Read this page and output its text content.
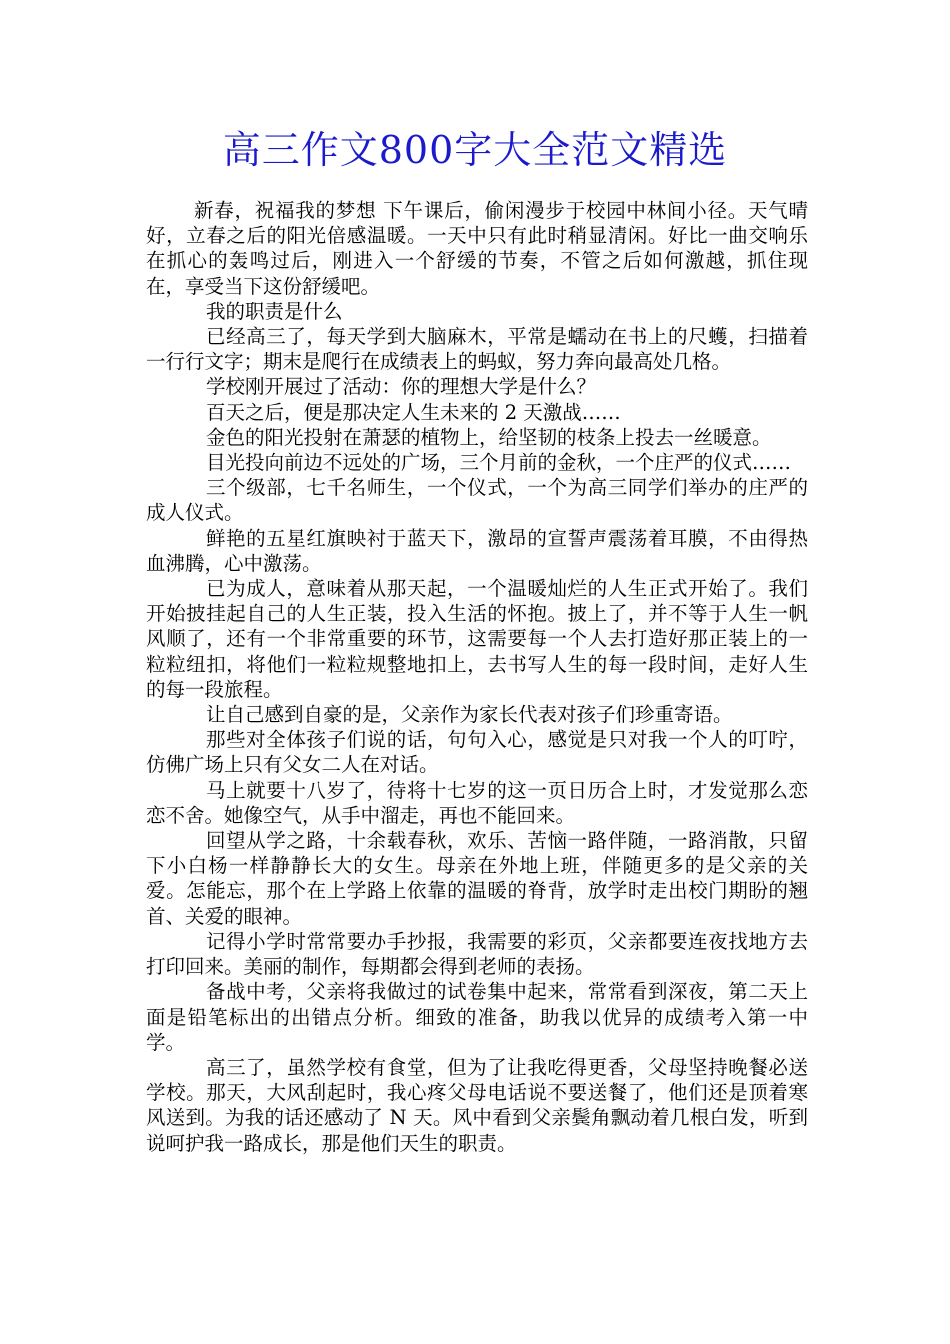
高三作文800字大全范文精选

新春，祝福我的梦想 下午课后，偷闲漫步于校园中林间小径。天气晴好，立春之后的阳光倍感温暖。一天中只有此时稍显清闲。好比一曲交响乐在抓心的轰鸣过后，刚进入一个舒缓的节奏，不管之后如何激越，抓住现在，享受当下这份舒缓吧。

我的职责是什么

已经高三了，每天学到大脑麻木，平常是蠕动在书上的尺蠖，扫描着一行行文字；期末是爬行在成绩表上的蚂蚁，努力奔向最高处几格。

学校刚开展过了活动：你的理想大学是什么？

百天之后，便是那决定人生未来的 2 天激战……

金色的阳光投射在萧瑟的植物上，给坚韧的枝条上投去一丝暖意。

目光投向前边不远处的广场，三个月前的金秋，一个庄严的仪式……

三个级部，七千名师生，一个仪式，一个为高三同学们举办的庄严的成人仪式。

鲜艳的五星红旗映衬于蓝天下，激昂的宣誓声震荡着耳膜，不由得热血沸腾，心中激荡。

已为成人，意味着从那天起，一个温暖灿烂的人生正式开始了。我们开始披挂起自己的人生正装，投入生活的怀抱。披上了，并不等于人生一帆风顺了，还有一个非常重要的环节，这需要每一个人去打造好那正装上的一粒粒纽扣，将他们一粒粒规整地扣上，去书写人生的每一段时间，走好人生的每一段旅程。

让自己感到自豪的是，父亲作为家长代表对孩子们珍重寄语。

那些对全体孩子们说的话，句句入心，感觉是只对我一个人的叮咛，仿佛广场上只有父女二人在对话。

马上就要十八岁了，待将十七岁的这一页日历合上时，才发觉那么恋恋不舍。她像空气，从手中溜走，再也不能回来。

回望从学之路，十余载春秋，欢乐、苦恼一路伴随，一路消散，只留下小白杨一样静静长大的女生。母亲在外地上班，伴随更多的是父亲的关爱。怎能忘，那个在上学路上依靠的温暖的脊背，放学时走出校门期盼的翘首、关爱的眼神。

记得小学时常常要办手抄报，我需要的彩页，父亲都要连夜找地方去打印回来。美丽的制作，每期都会得到老师的表扬。

备战中考，父亲将我做过的试卷集中起来，常常看到深夜，第二天上面是铅笔标出的出错点分析。细致的准备，助我以优异的成绩考入第一中学。

高三了，虽然学校有食堂，但为了让我吃得更香，父母坚持晚餐必送学校。那天，大风刮起时，我心疼父母电话说不要送餐了，他们还是顶着寒风送到。为我的话还感动了 N 天。风中看到父亲鬓角飘动着几根白发，听到说呵护我一路成长，那是他们天生的职责。
